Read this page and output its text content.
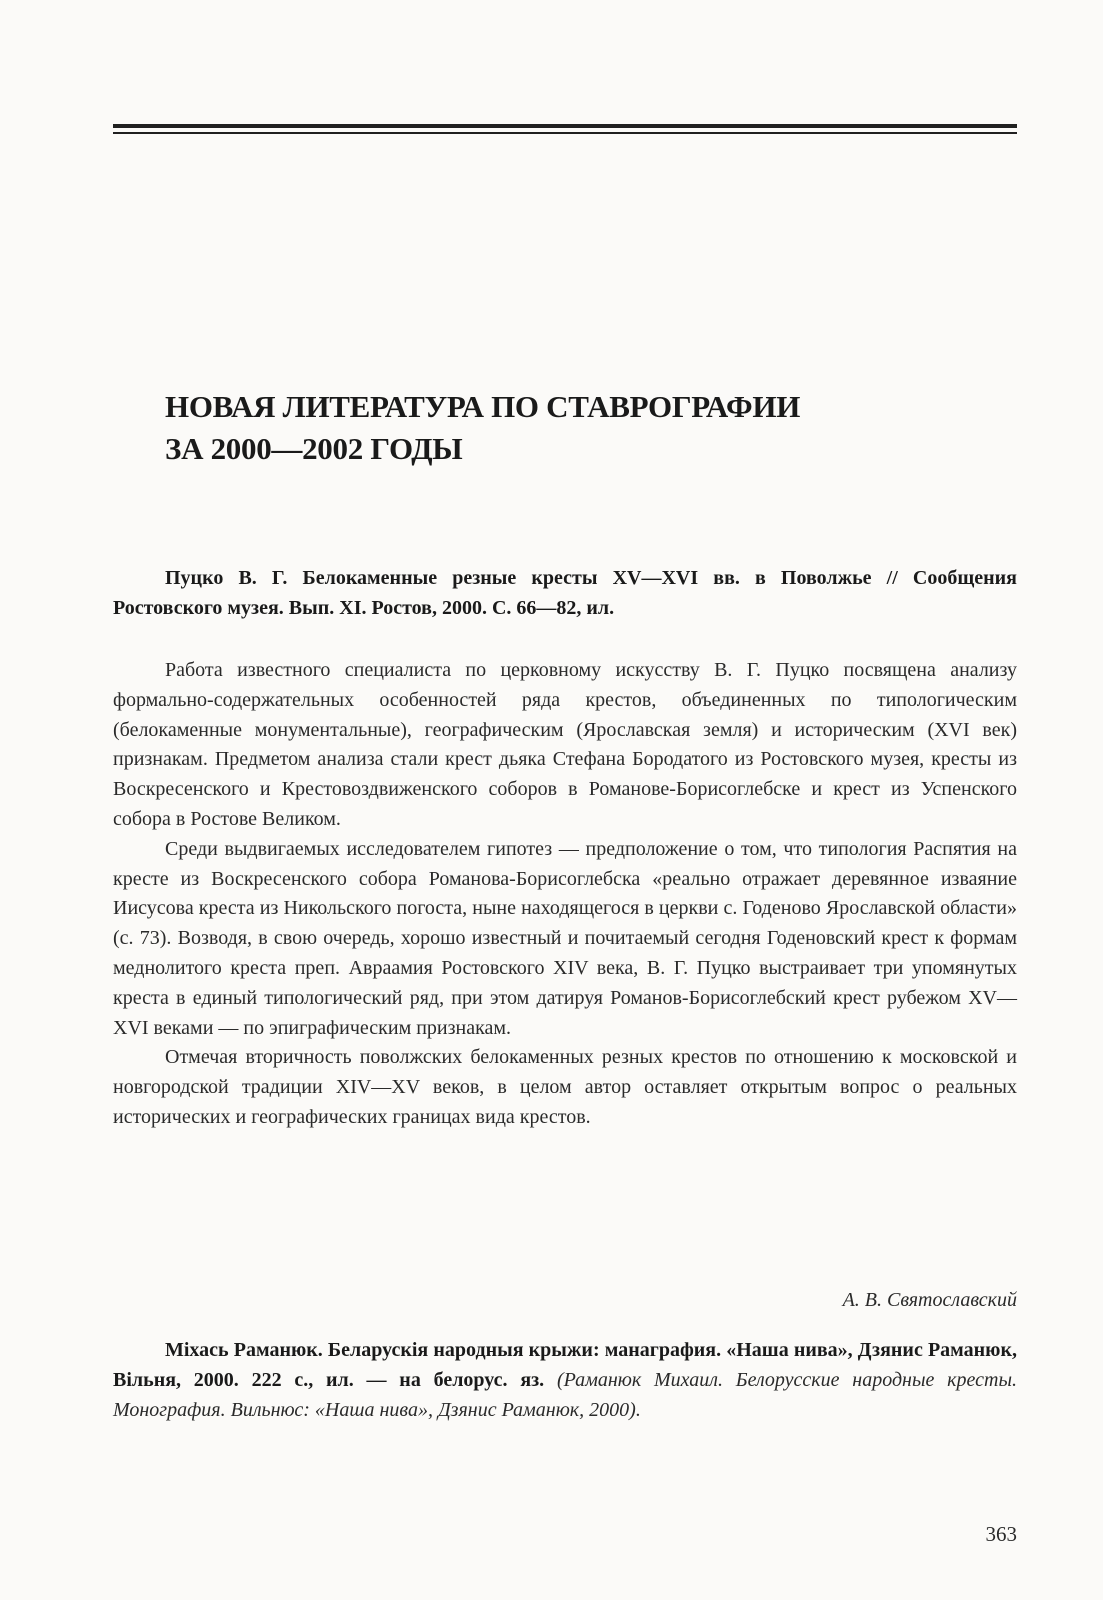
НОВАЯ ЛИТЕРАТУРА ПО СТАВРОГРАФИИ
ЗА 2000—2002 ГОДЫ

Пуцко В. Г. Белокаменные резные кресты XV—XVI вв. в Поволжье // Сообщения Ростовского музея. Вып. XI. Ростов, 2000. С. 66—82, ил.

Работа известного специалиста по церковному искусству В. Г. Пуцко посвящена анализу формально-содержательных особенностей ряда крестов, объединенных по типологическим (белокаменные монументальные), географическим (Ярославская земля) и историческим (XVI век) признакам. Предметом анализа стали крест дьяка Стефана Бородатого из Ростовского музея, кресты из Воскресенского и Крестовоздвиженского соборов в Романове-Борисоглебске и крест из Успенского собора в Ростове Великом.

Среди выдвигаемых исследователем гипотез — предположение о том, что типология Распятия на кресте из Воскресенского собора Романова-Борисоглебска «реально отражает деревянное изваяние Иисусова креста из Никольского погоста, ныне находящегося в церкви с. Годеново Ярославской области» (с. 73). Возводя, в свою очередь, хорошо известный и почитаемый сегодня Годеновский крест к формам меднолитого креста преп. Авраамия Ростовского XIV века, В. Г. Пуцко выстраивает три упомянутых креста в единый типологический ряд, при этом датируя Романов-Борисоглебский крест рубежом XV—XVI веками — по эпиграфическим признакам.

Отмечая вторичность поволжских белокаменных резных крестов по отношению к московской и новгородской традиции XIV—XV веков, в целом автор оставляет открытым вопрос о реальных исторических и географических границах вида крестов.

А. В. Святославский

Міхась Раманюк. Беларускія народныя крыжи: манаграфия. «Наша нива», Дзянис Раманюк, Вільня, 2000. 222 с., ил. — на белорус. яз. (Раманюк Михаил. Белорусские народные кресты. Монография. Вильнюс: «Наша нива», Дзянис Раманюк, 2000).

363
